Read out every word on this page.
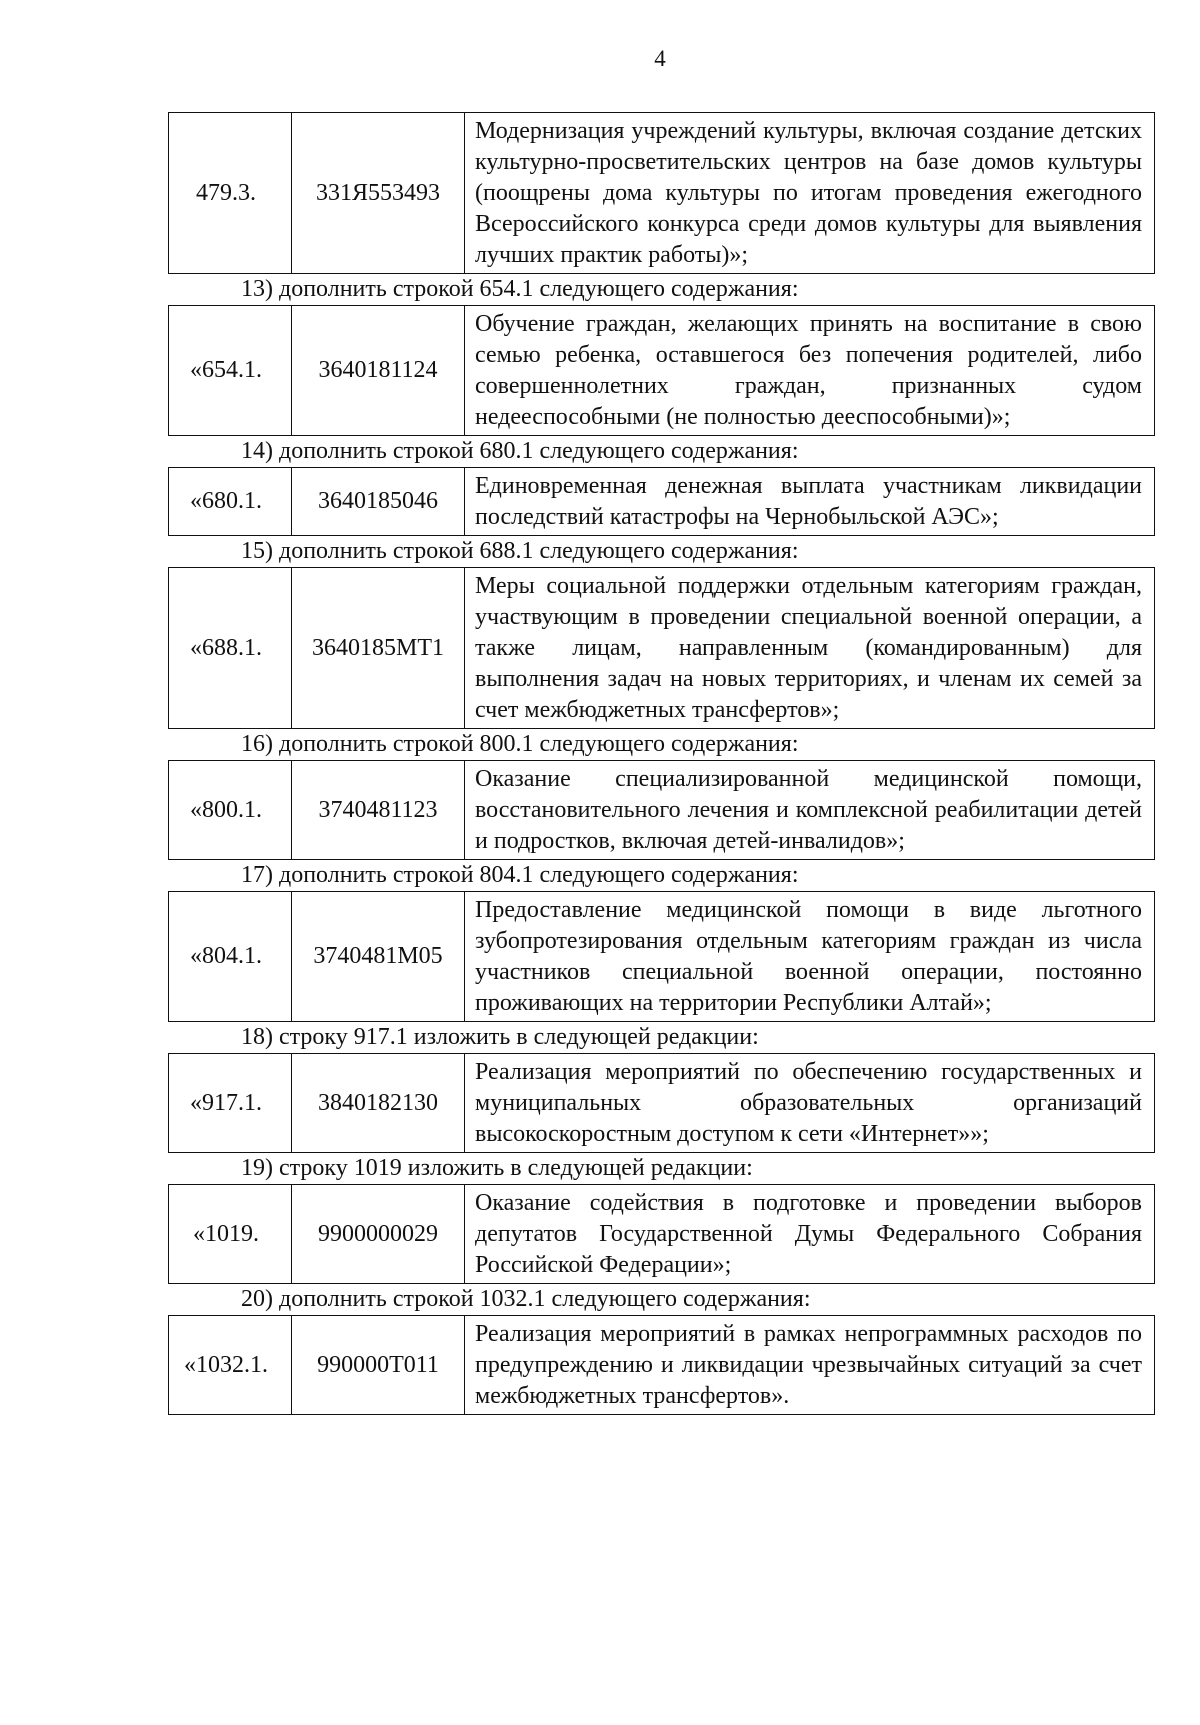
4
479.3.	331Я553493	Модернизация учреждений культуры, включая создание детских культурно-просветительских центров на базе домов культуры (поощрены дома культуры по итогам проведения ежегодного Всероссийского конкурса среди домов культуры для выявления лучших практик работы)»;
13) дополнить строкой 654.1 следующего содержания:
«654.1.	3640181124	Обучение граждан, желающих принять на воспитание в свою семью ребенка, оставшегося без попечения родителей, либо совершеннолетних граждан, признанных судом недееспособными (не полностью дееспособными)»;
14) дополнить строкой 680.1 следующего содержания:
«680.1.	3640185046	Единовременная денежная выплата участникам ликвидации последствий катастрофы на Чернобыльской АЭС»;
15) дополнить строкой 688.1 следующего содержания:
«688.1.	3640185МТ1	Меры социальной поддержки отдельным категориям граждан, участвующим в проведении специальной военной операции, а также лицам, направленным (командированным) для выполнения задач на новых территориях, и членам их семей за счет межбюджетных трансфертов»;
16) дополнить строкой 800.1 следующего содержания:
«800.1.	3740481123	Оказание специализированной медицинской помощи, восстановительного лечения и комплексной реабилитации детей и подростков, включая детей-инвалидов»;
17) дополнить строкой 804.1 следующего содержания:
«804.1.	3740481М05	Предоставление медицинской помощи в виде льготного зубопротезирования отдельным категориям граждан из числа участников специальной военной операции, постоянно проживающих на территории Республики Алтай»;
18) строку 917.1 изложить в следующей редакции:
«917.1.	3840182130	Реализация мероприятий по обеспечению государственных и муниципальных образовательных организаций высокоскоростным доступом к сети «Интернет»»;
19) строку 1019 изложить в следующей редакции:
«1019.	9900000029	Оказание содействия в подготовке и проведении выборов депутатов Государственной Думы Федерального Собрания Российской Федерации»;
20) дополнить строкой 1032.1 следующего содержания:
«1032.1.	990000Т011	Реализация мероприятий в рамках непрограммных расходов по предупреждению и ликвидации чрезвычайных ситуаций за счет межбюджетных трансфертов».
